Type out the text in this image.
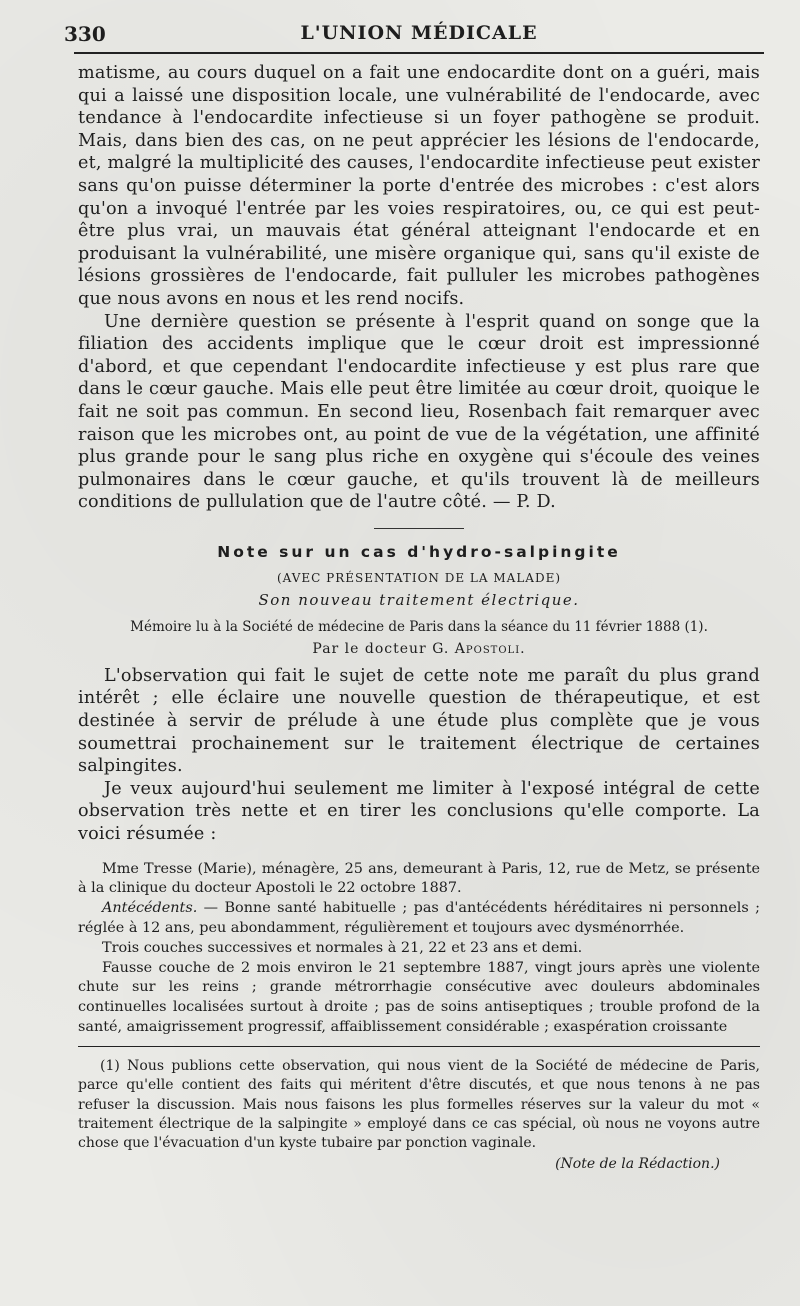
330	L'UNION MÉDICALE

matisme, au cours duquel on a fait une endocardite dont on a guéri, mais qui a laissé une disposition locale, une vulnérabilité de l'endocarde, avec tendance à l'endocardite infectieuse si un foyer pathogène se produit. Mais, dans bien des cas, on ne peut apprécier les lésions de l'endocarde, et, malgré la multiplicité des causes, l'endocardite infectieuse peut exister sans qu'on puisse déterminer la porte d'entrée des microbes : c'est alors qu'on a invoqué l'entrée par les voies respiratoires, ou, ce qui est peut-être plus vrai, un mauvais état général atteignant l'endocarde et en produisant la vulnérabilité, une misère organique qui, sans qu'il existe de lésions grossières de l'endocarde, fait pulluler les microbes pathogènes que nous avons en nous et les rend nocifs.

Une dernière question se présente à l'esprit quand on songe que la filiation des accidents implique que le cœur droit est impressionné d'abord, et que cependant l'endocardite infectieuse y est plus rare que dans le cœur gauche. Mais elle peut être limitée au cœur droit, quoique le fait ne soit pas commun. En second lieu, Rosenbach fait remarquer avec raison que les microbes ont, au point de vue de la végétation, une affinité plus grande pour le sang plus riche en oxygène qui s'écoule des veines pulmonaires dans le cœur gauche, et qu'ils trouvent là de meilleurs conditions de pullulation que de l'autre côté. — P. D.

Note sur un cas d'hydro-salpingite
(AVEC PRÉSENTATION DE LA MALADE)
Son nouveau traitement électrique.
Mémoire lu à la Société de médecine de Paris dans la séance du 11 février 1888 (1).
Par le docteur G. Apostoli.

L'observation qui fait le sujet de cette note me paraît du plus grand intérêt ; elle éclaire une nouvelle question de thérapeutique, et est destinée à servir de prélude à une étude plus complète que je vous soumettrai prochainement sur le traitement électrique de certaines salpingites.

Je veux aujourd'hui seulement me limiter à l'exposé intégral de cette observation très nette et en tirer les conclusions qu'elle comporte. La voici résumée :

Mme Tresse (Marie), ménagère, 25 ans, demeurant à Paris, 12, rue de Metz, se présente à la clinique du docteur Apostoli le 22 octobre 1887.

Antécédents. — Bonne santé habituelle ; pas d'antécédents héréditaires ni personnels ; réglée à 12 ans, peu abondamment, régulièrement et toujours avec dysménorrhée.

Trois couches successives et normales à 21, 22 et 23 ans et demi.

Fausse couche de 2 mois environ le 21 septembre 1887, vingt jours après une violente chute sur les reins ; grande métrorrhagie consécutive avec douleurs abdominales continuelles localisées surtout à droite ; pas de soins antiseptiques ; trouble profond de la santé, amaigrissement progressif, affaiblissement considérable ; exaspération croissante

(1) Nous publions cette observation, qui nous vient de la Société de médecine de Paris, parce qu'elle contient des faits qui méritent d'être discutés, et que nous tenons à ne pas refuser la discussion. Mais nous faisons les plus formelles réserves sur la valeur du mot « traitement électrique de la salpingite » employé dans ce cas spécial, où nous ne voyons autre chose que l'évacuation d'un kyste tubaire par ponction vaginale.

(Note de la Rédaction.)
